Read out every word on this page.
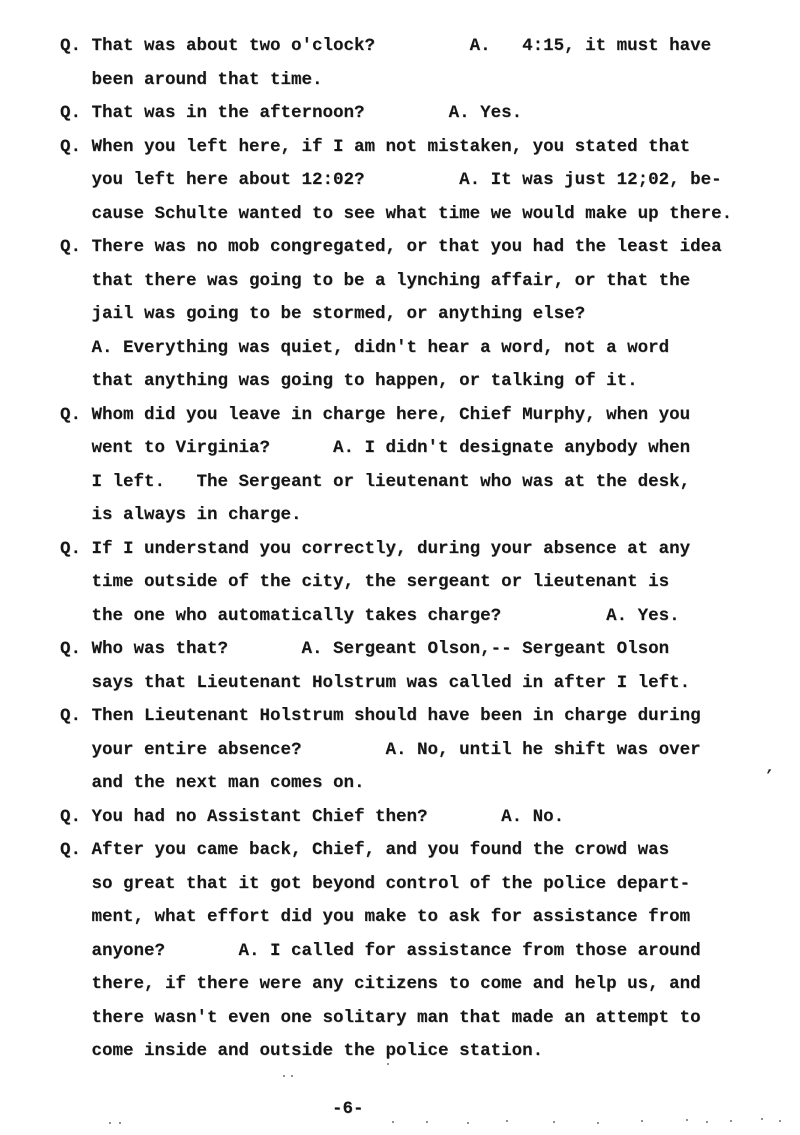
Q. That was about two o'clock?         A.   4:15, it must have
been around that time.
Q. That was in the afternoon?        A. Yes.
Q. When you left here, if I am not mistaken, you stated that
you left here about 12:02?         A. It was just 12;02, be-
cause Schulte wanted to see what time we would make up there.
Q. There was no mob congregated, or that you had the least idea
that there was going to be a lynching affair, or that the
jail was going to be stormed, or anything else?
A. Everything was quiet, didn't hear a word, not a word
that anything was going to happen, or talking of it.
Q. Whom did you leave in charge here, Chief Murphy, when you
went to Virginia?      A. I didn't designate anybody when
I left.   The Sergeant or lieutenant who was at the desk,
is always in charge.
Q. If I understand you correctly, during your absence at any
time outside of the city, the sergeant or lieutenant is
the one who automatically takes charge?          A. Yes.
Q. Who was that?       A. Sergeant Olson,-- Sergeant Olson
says that Lieutenant Holstrum was called in after I left.
Q. Then Lieutenant Holstrum should have been in charge during
your entire absence?        A. No, until he shift was over
and the next man comes on.
Q. You had no Assistant Chief then?       A. No.
Q. After you came back, Chief, and you found the crowd was
so great that it got beyond control of the police depart-
ment, what effort did you make to ask for assistance from
anyone?       A. I called for assistance from those around
there, if there were any citizens to come and help us, and
there wasn't even one solitary man that made an attempt to
come inside and outside the police station.
-6-
’
